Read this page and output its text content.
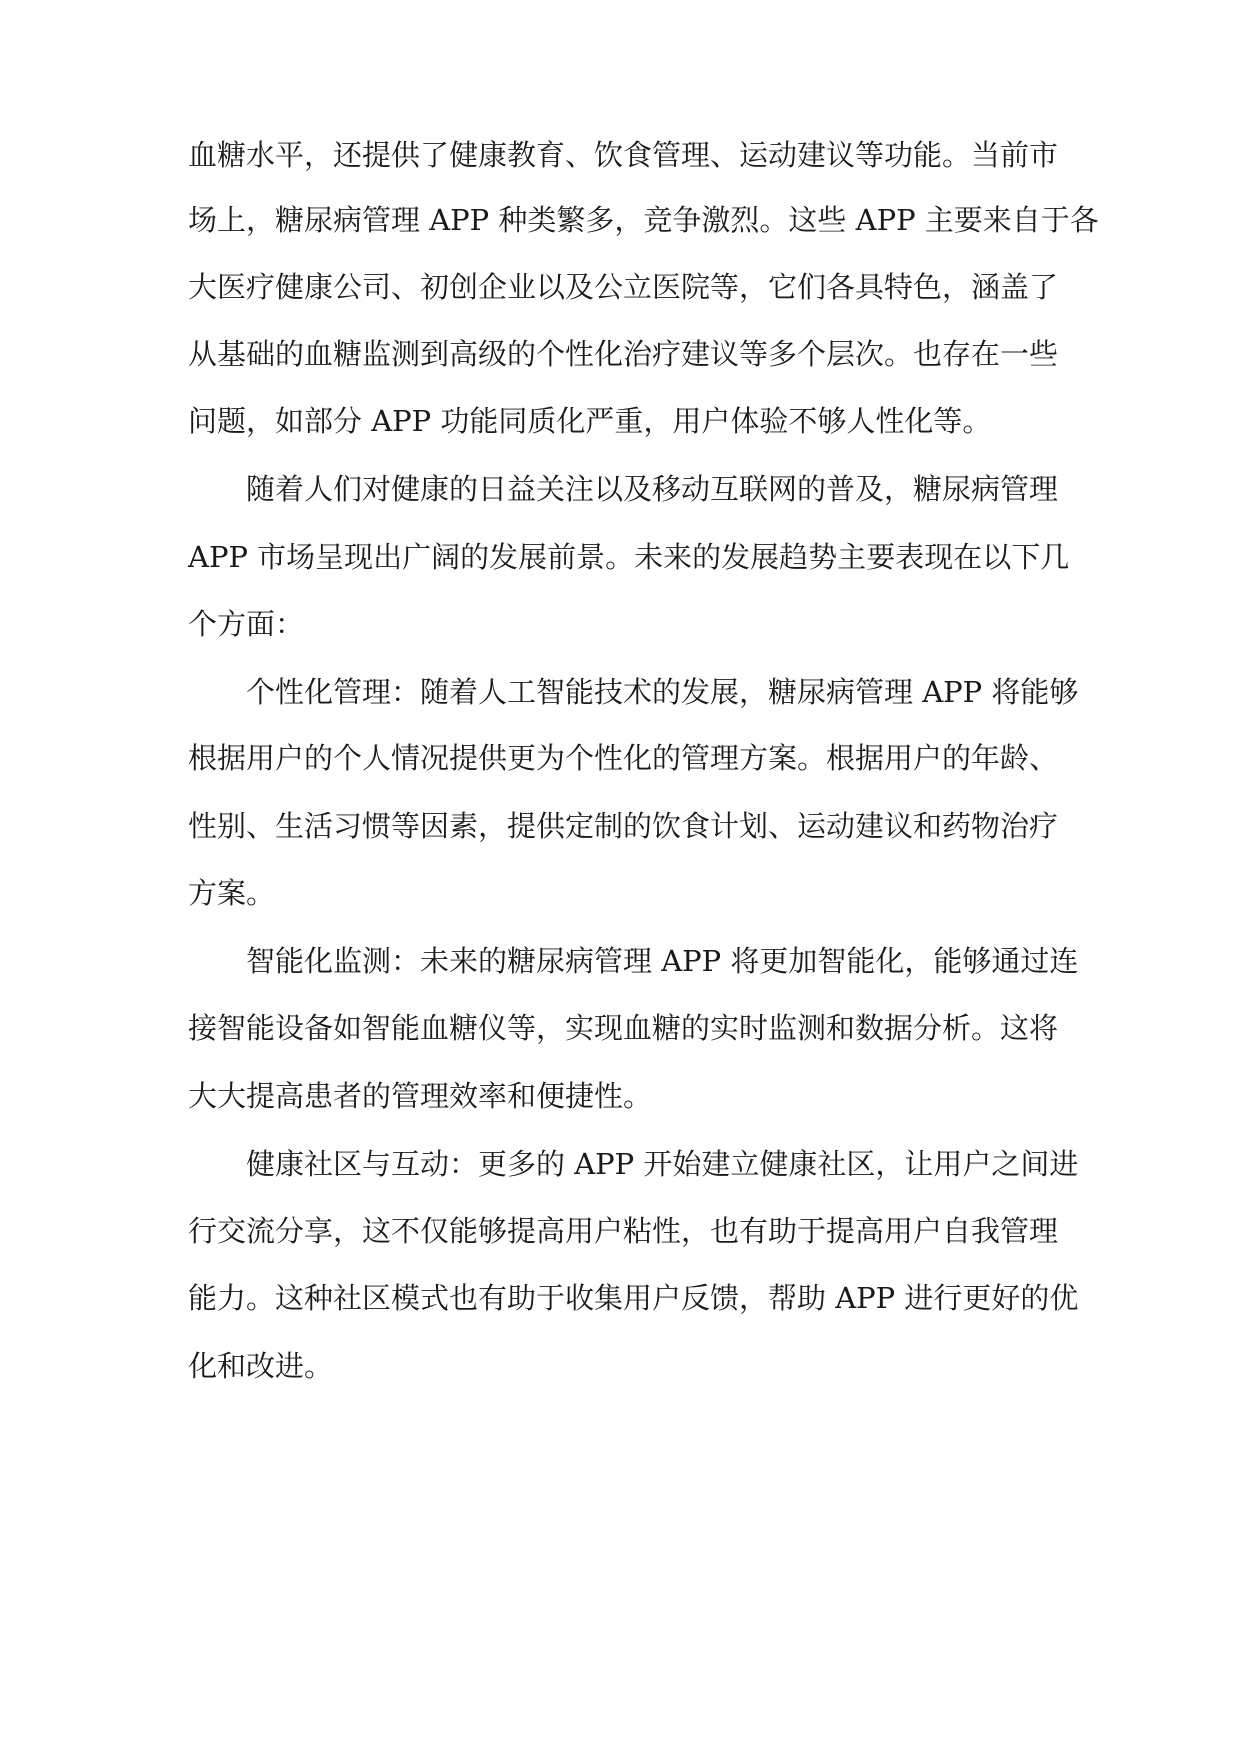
血糖水平，还提供了健康教育、饮食管理、运动建议等功能。当前市

场上，糖尿病管理 APP 种类繁多，竞争激烈。这些 APP 主要来自于各

大医疗健康公司、初创企业以及公立医院等，它们各具特色，涵盖了

从基础的血糖监测到高级的个性化治疗建议等多个层次。也存在一些

问题，如部分 APP 功能同质化严重，用户体验不够人性化等。

随着人们对健康的日益关注以及移动互联网的普及，糖尿病管理

APP 市场呈现出广阔的发展前景。未来的发展趋势主要表现在以下几

个方面：

个性化管理：随着人工智能技术的发展，糖尿病管理 APP 将能够

根据用户的个人情况提供更为个性化的管理方案。根据用户的年龄、

性别、生活习惯等因素，提供定制的饮食计划、运动建议和药物治疗

方案。

智能化监测：未来的糖尿病管理 APP 将更加智能化，能够通过连

接智能设备如智能血糖仪等，实现血糖的实时监测和数据分析。这将

大大提高患者的管理效率和便捷性。

健康社区与互动：更多的 APP 开始建立健康社区，让用户之间进

行交流分享，这不仅能够提高用户粘性，也有助于提高用户自我管理

能力。这种社区模式也有助于收集用户反馈，帮助 APP 进行更好的优

化和改进。
